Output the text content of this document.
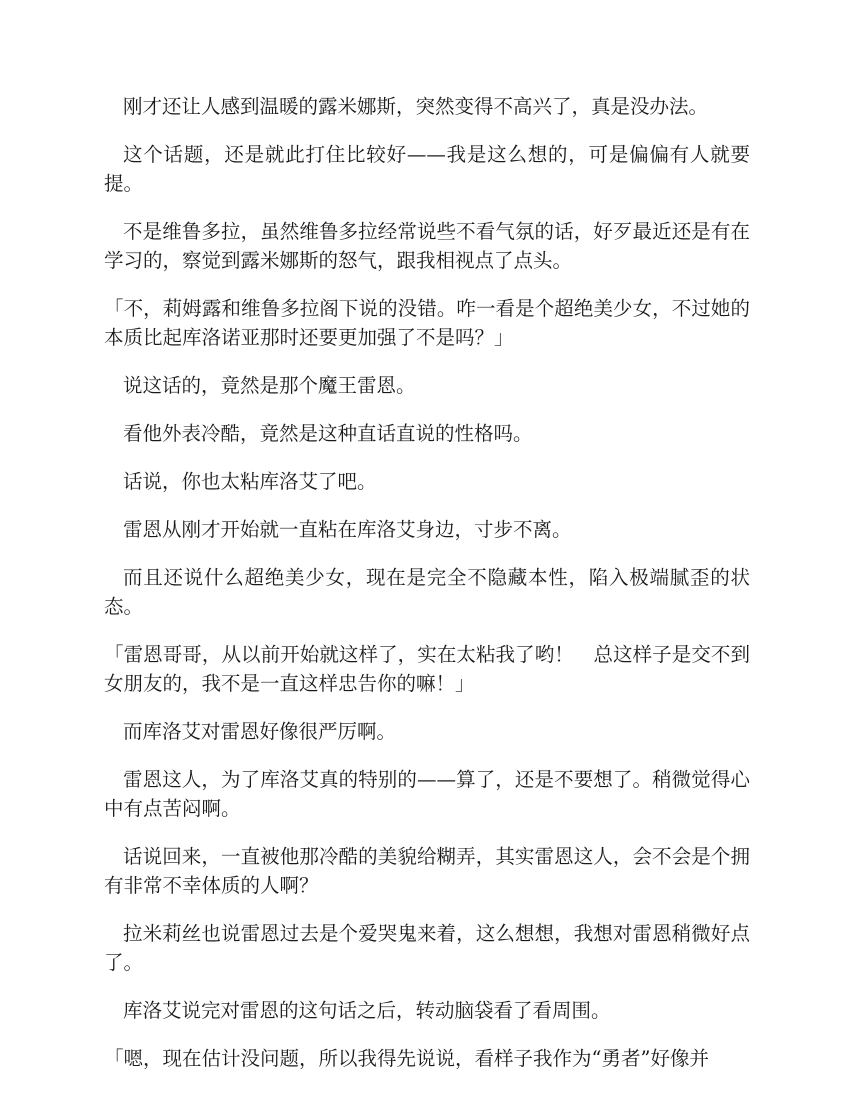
刚才还让人感到温暖的露米娜斯，突然变得不高兴了，真是没办法。

这个话题，还是就此打住比较好——我是这么想的，可是偏偏有人就要提。

不是维鲁多拉，虽然维鲁多拉经常说些不看气氛的话，好歹最近还是有在学习的，察觉到露米娜斯的怒气，跟我相视点了点头。

「不，莉姆露和维鲁多拉阁下说的没错。咋一看是个超绝美少女，不过她的本质比起库洛诺亚那时还要更加强了不是吗？」

说这话的，竟然是那个魔王雷恩。

看他外表冷酷，竟然是这种直话直说的性格吗。

话说，你也太粘库洛艾了吧。

雷恩从刚才开始就一直粘在库洛艾身边，寸步不离。

而且还说什么超绝美少女，现在是完全不隐藏本性，陷入极端腻歪的状态。

「雷恩哥哥，从以前开始就这样了，实在太粘我了哟！　总这样子是交不到女朋友的，我不是一直这样忠告你的嘛！」

而库洛艾对雷恩好像很严厉啊。

雷恩这人，为了库洛艾真的特别的——算了，还是不要想了。稍微觉得心中有点苦闷啊。

话说回来，一直被他那冷酷的美貌给糊弄，其实雷恩这人，会不会是个拥有非常不幸体质的人啊？

拉米莉丝也说雷恩过去是个爱哭鬼来着，这么想想，我想对雷恩稍微好点了。

库洛艾说完对雷恩的这句话之后，转动脑袋看了看周围。

「嗯，现在估计没问题，所以我得先说说，看样子我作为“勇者”好像并
